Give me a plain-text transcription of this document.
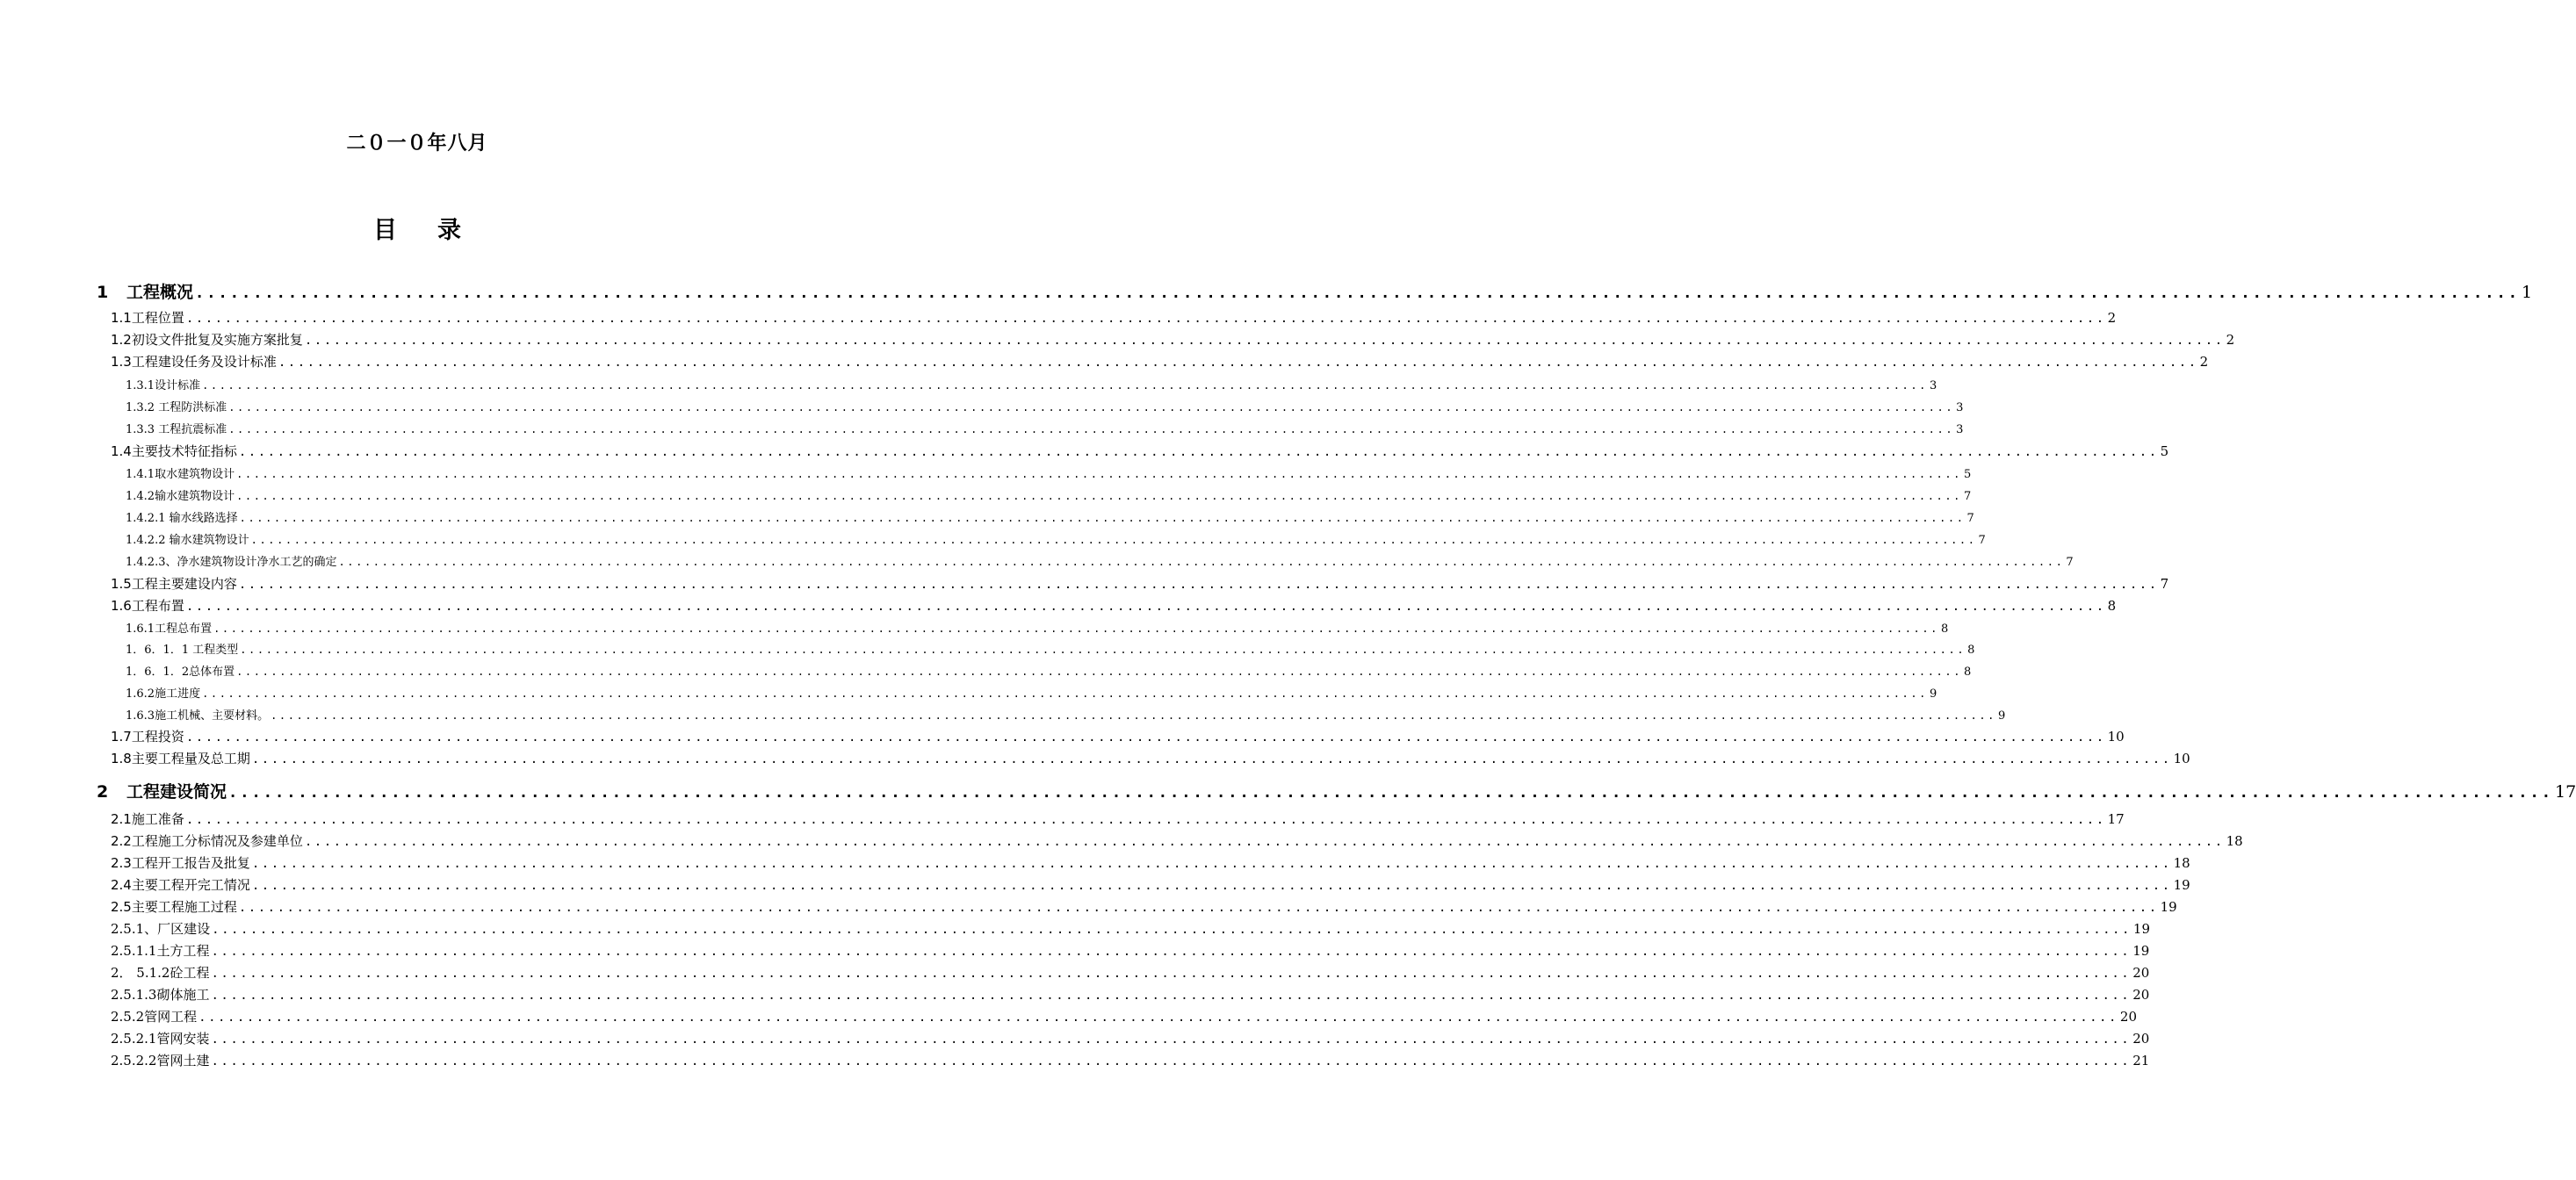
二０一０年八月
目 录
1	工程概况 ........................................................................................................................................................................................................ 1
1.1 工程位置 ........................................................................................................................................................................................................ 2
1.2 初设文件批复及实施方案批复 ........................................................................................................................................................................................................ 2
1.3 工程建设任务及设计标准 ........................................................................................................................................................................................................ 2
1.3.1设计标准 ........................................................................................................................................................................................................ 3
1.3.2 工程防洪标准 ........................................................................................................................................................................................................ 3
1.3.3 工程抗震标准 ........................................................................................................................................................................................................ 3
1.4 主要技术特征指标 ........................................................................................................................................................................................................ 5
1.4.1取水建筑物设计 ........................................................................................................................................................................................................ 5
1.4.2输水建筑物设计 ........................................................................................................................................................................................................ 7
1.4.2.1 输水线路选择 ........................................................................................................................................................................................................ 7
1.4.2.2 输水建筑物设计 ........................................................................................................................................................................................................ 7
1.4.2.3、净水建筑物设计净水工艺的确定 ........................................................................................................................................................................................................ 7
1.5 工程主要建设内容 ........................................................................................................................................................................................................ 7
1.6 工程布置 ........................................................................................................................................................................................................ 8
1.6.1工程总布置 ........................................................................................................................................................................................................ 8
1．6．1．1 工程类型 ........................................................................................................................................................................................................ 8
1．6．1．2总体布置 ........................................................................................................................................................................................................ 8
1.6.2施工进度 ........................................................................................................................................................................................................ 9
1.6.3施工机械、主要材料。 ........................................................................................................................................................................................................ 9
1.7 工程投资 ........................................................................................................................................................................................................ 10
1.8 主要工程量及总工期 ........................................................................................................................................................................................................ 10
2	工程建设简况 ........................................................................................................................................................................................................ 17
2.1 施工准备 ........................................................................................................................................................................................................ 17
2.2 工程施工分标情况及参建单位 ........................................................................................................................................................................................................ 18
2.3 工程开工报告及批复 ........................................................................................................................................................................................................ 18
2.4 主要工程开完工情况 ........................................................................................................................................................................................................ 19
2.5 主要工程施工过程 ........................................................................................................................................................................................................ 19
2.5.1、厂区建设 ........................................................................................................................................................................................................ 19
2.5.1.1土方工程 ........................................................................................................................................................................................................ 19
2． 5.1.2砼工程 ........................................................................................................................................................................................................ 20
2.5.1.3砌体施工 ........................................................................................................................................................................................................ 20
2.5.2管网工程 ........................................................................................................................................................................................................ 20
2.5.2.1管网安装 ........................................................................................................................................................................................................ 20
2.5.2.2管网土建 ........................................................................................................................................................................................................ 21
